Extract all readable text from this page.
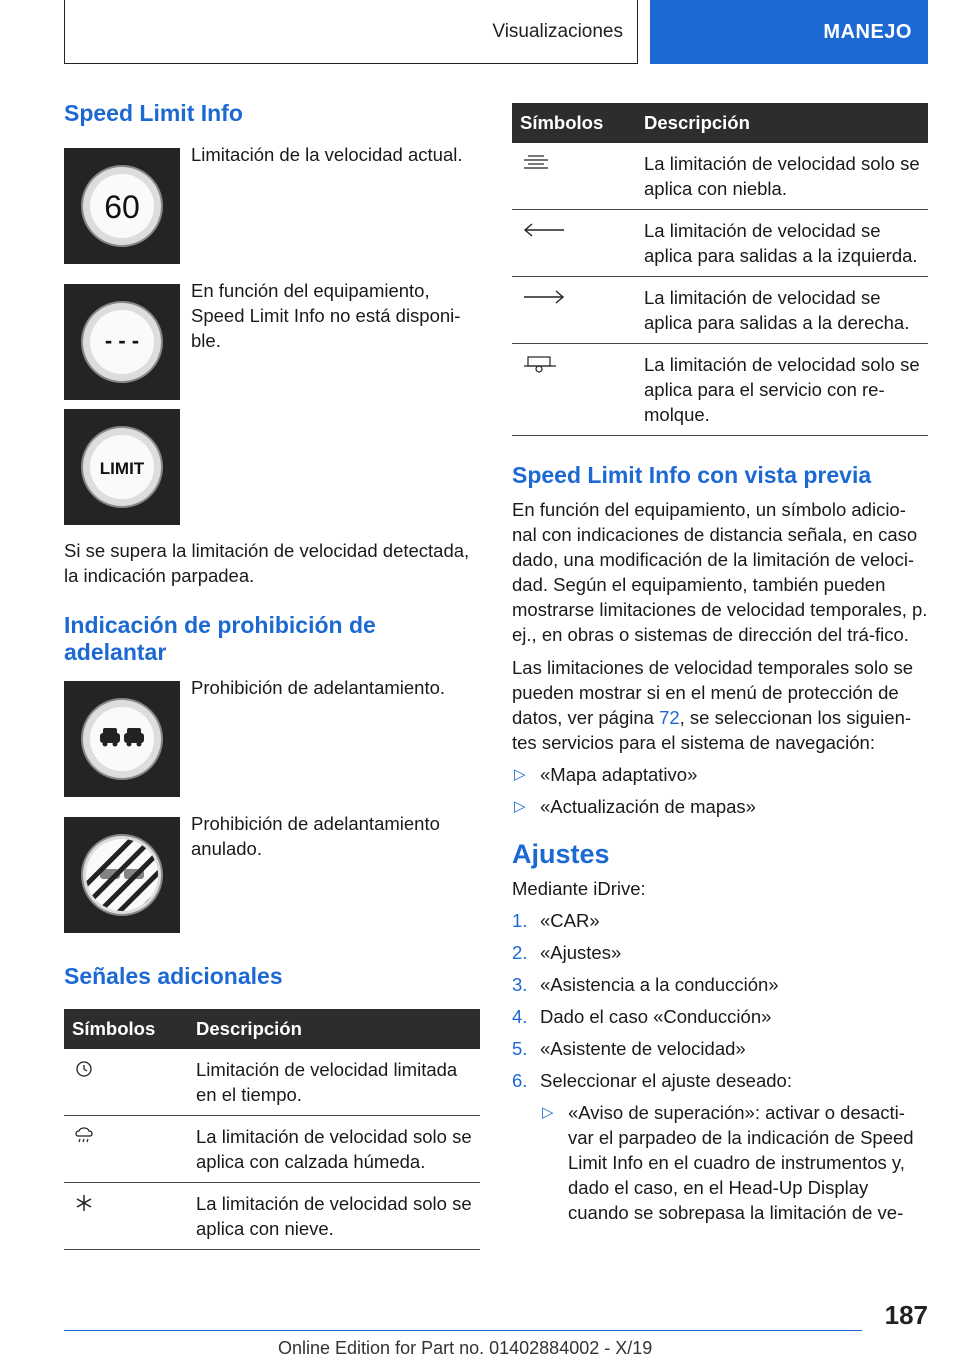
Visualizaciones	MANEJO
Speed Limit Info
60

Limitación de la velocidad actual.

- - -

En función del equipamiento, Speed Limit Info no está disponi-ble.

LIMIT

Si se supera la limitación de velocidad detectada, la indicación parpadea.

Indicación de prohibición de adelantar

Prohibición de adelantamiento.

Prohibición de adelantamiento anulado.

Señales adicionales
Símbolos	Descripción
	Limitación de velocidad limitada en el tiempo.
	La limitación de velocidad solo se aplica con calzada húmeda.
	La limitación de velocidad solo se aplica con nieve.
Símbolos	Descripción
	La limitación de velocidad solo se aplica con niebla.
	La limitación de velocidad se aplica para salidas a la izquierda.
	La limitación de velocidad se aplica para salidas a la derecha.
	La limitación de velocidad solo se aplica para el servicio con re-molque.
Speed Limit Info con vista previa

En función del equipamiento, un símbolo adicio-nal con indicaciones de distancia señala, en caso dado, una modificación de la limitación de veloci-dad. Según el equipamiento, también pueden mostrarse limitaciones de velocidad temporales, p. ej., en obras o sistemas de dirección del trá-fico.

Las limitaciones de velocidad temporales solo se pueden mostrar si en el menú de protección de datos, ver página 72, se seleccionan los siguien-tes servicios para el sistema de navegación:

▷ «Mapa adaptativo»
▷ «Actualización de mapas»
Ajustes

Mediante iDrive:

1. «CAR»
2. «Ajustes»
3. «Asistencia a la conducción»
4. Dado el caso «Conducción»
5. «Asistente de velocidad»
6. Seleccionar el ajuste deseado:
▷ «Aviso de superación»: activar o desacti-var el parpadeo de la indicación de Speed Limit Info en el cuadro de instrumentos y, dado el caso, en el Head-Up Display cuando se sobrepasa la limitación de ve-
187
Online Edition for Part no. 01402884002 - X/19
